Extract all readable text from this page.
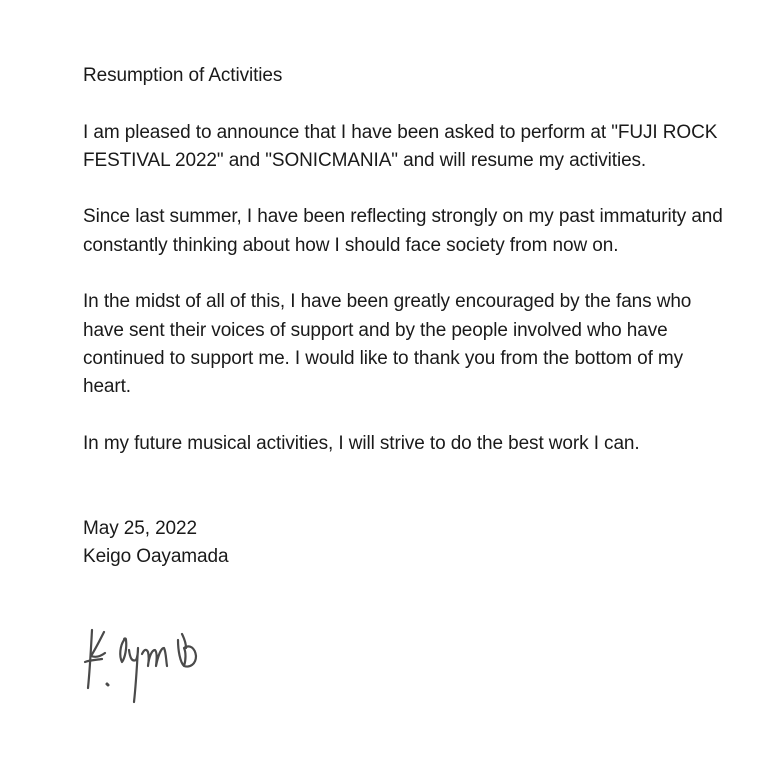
Resumption of Activities

I am pleased to announce that I have been asked to perform at "FUJI ROCK FESTIVAL 2022" and "SONICMANIA" and will resume my activities.

Since last summer, I have been reflecting strongly on my past immaturity and constantly thinking about how I should face society from now on.

In the midst of all of this, I have been greatly encouraged by the fans who have sent their voices of support and by the people involved who have continued to support me. I would like to thank you from the bottom of my heart.

In my future musical activities, I will strive to do the best work I can.

May 25, 2022

Keigo Oayamada
